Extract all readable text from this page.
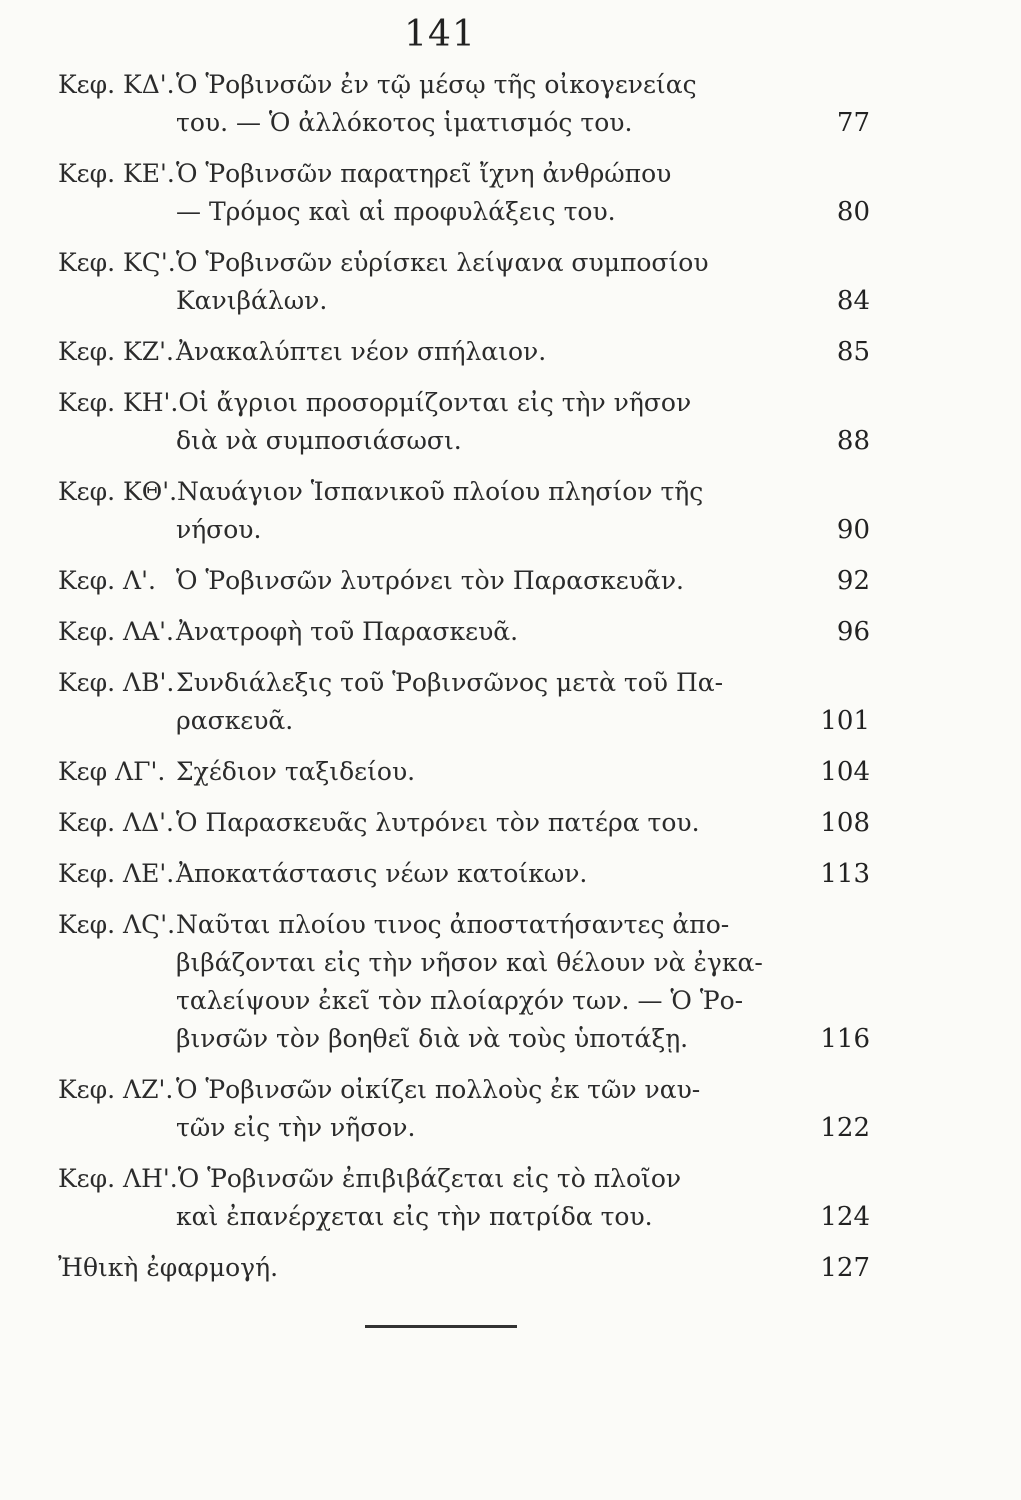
141
Κεφ. ΚΔ'.Ὁ Ῥοβινσῶν ἐν τῷ μέσῳ τῆς οἰκογενείας
του. — Ὁ ἀλλόκοτος ἱματισμός του.	77
Κεφ. ΚΕ'.Ὁ Ῥοβινσῶν παρατηρεῖ ἴχνη ἀνθρώπου
— Τρόμος καὶ αἱ προφυλάξεις του.	80
Κεφ. ΚϚ'.Ὁ Ῥοβινσῶν εὑρίσκει λείψανα συμποσίου
Κανιβάλων.	84
Κεφ. ΚΖ'.Ἀνακαλύπτει νέον σπήλαιον.	85
Κεφ. ΚΗ'.Οἱ ἄγριοι προσορμίζονται εἰς τὴν νῆσον
διὰ νὰ συμποσιάσωσι.	88
Κεφ. ΚΘ'.Ναυάγιον Ἱσπανικοῦ πλοίου πλησίον τῆς
νήσου.	90
Κεφ. Λ'. Ὁ Ῥοβινσῶν λυτρόνει τὸν Παρασκευᾶν.	92
Κεφ. ΛΑ'.Ἀνατροφὴ τοῦ Παρασκευᾶ.	96
Κεφ. ΛΒ'.Συνδιάλεξις τοῦ Ῥοβινσῶνος μετὰ τοῦ Πα-
ρασκευᾶ.	101
Κεφ ΛΓ'. Σχέδιον ταξιδείου.	104
Κεφ. ΛΔ'.Ὁ Παρασκευᾶς λυτρόνει τὸν πατέρα του.	108
Κεφ. ΛΕ'.Ἀποκατάστασις νέων κατοίκων.	113
Κεφ. ΛϚ'.Ναῦται πλοίου τινος ἀποστατήσαντες ἀπο-
βιβάζονται εἰς τὴν νῆσον καὶ θέλουν νὰ ἐγκα-
ταλείψουν ἐκεῖ τὸν πλοίαρχόν των. — Ὁ Ῥο-
βινσῶν τὸν βοηθεῖ διὰ νὰ τοὺς ὑποτάξῃ.	116
Κεφ. ΛΖ'. Ὁ Ῥοβινσῶν οἰκίζει πολλοὺς ἐκ τῶν ναυ-
τῶν εἰς τὴν νῆσον.	122
Κεφ. ΛΗ'.Ὁ Ῥοβινσῶν ἐπιβιβάζεται εἰς τὸ πλοῖον
καὶ ἐπανέρχεται εἰς τὴν πατρίδα του.	124
Ἠθικὴ ἐφαρμογή.	127
